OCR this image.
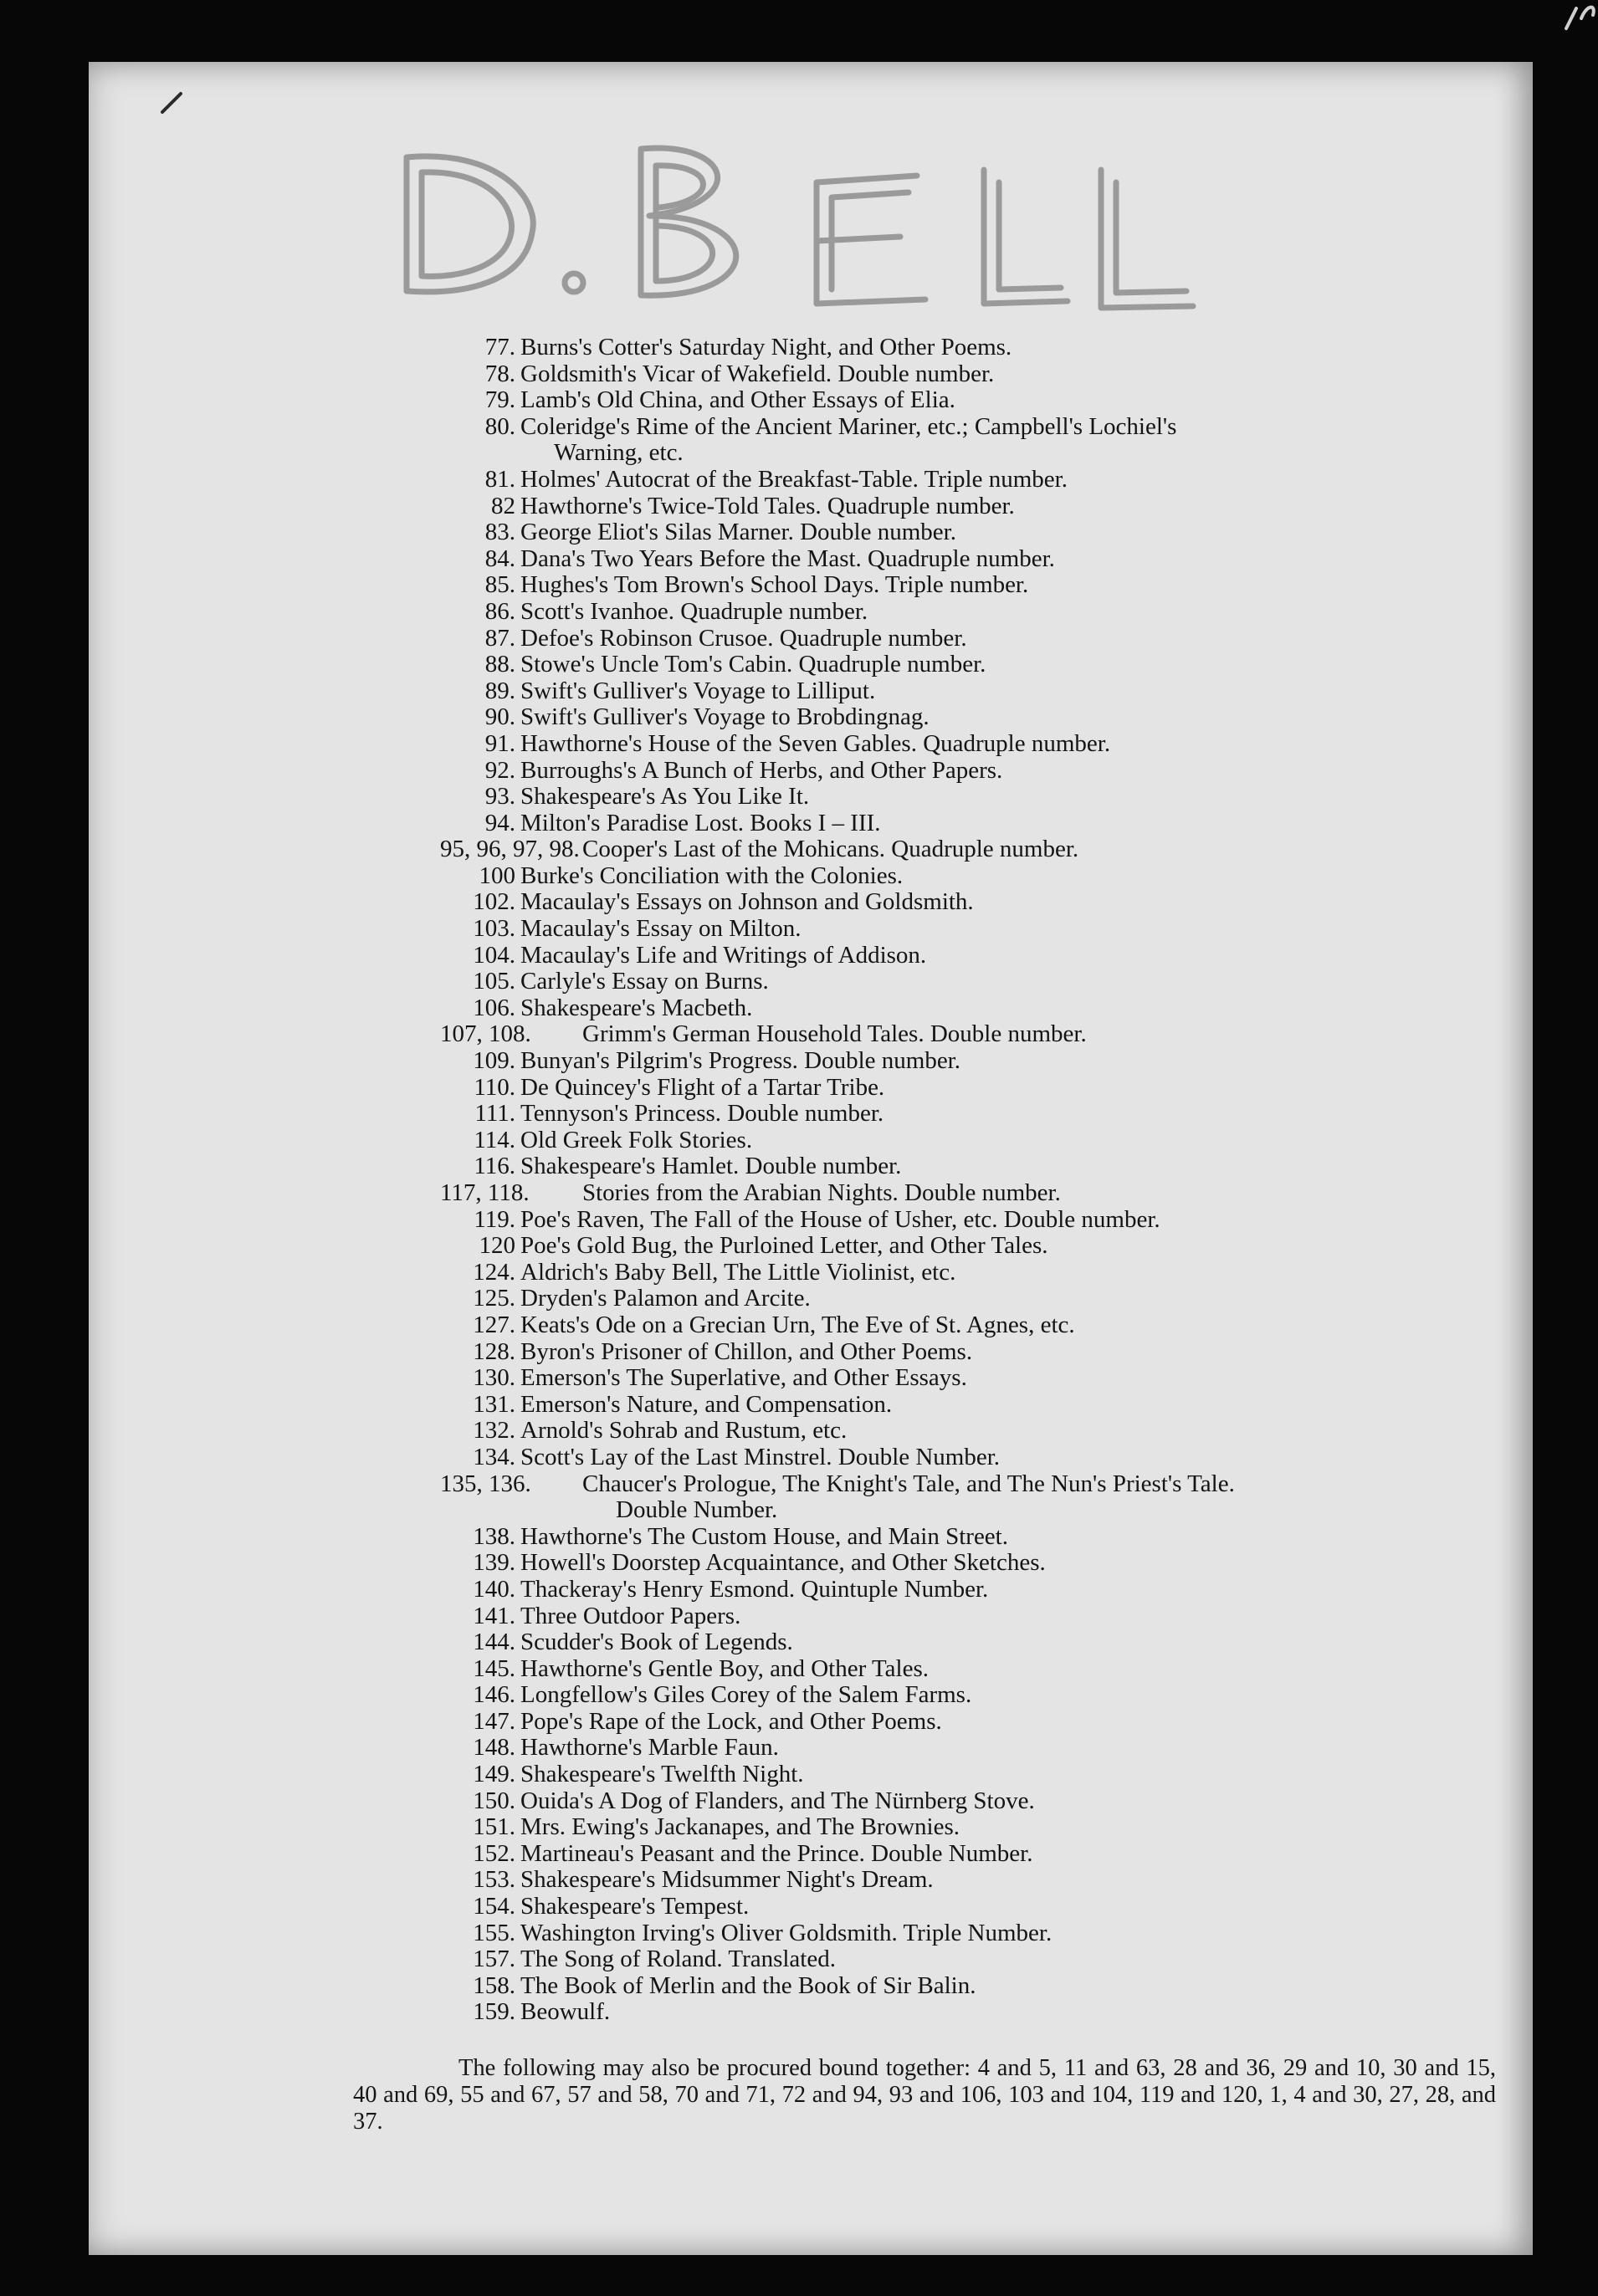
77. Burns's Cotter's Saturday Night, and Other Poems.
78. Goldsmith's Vicar of Wakefield. Double number.
79. Lamb's Old China, and Other Essays of Elia.
80. Coleridge's Rime of the Ancient Mariner, etc.; Campbell's Lochiel's
Warning, etc.
81. Holmes' Autocrat of the Breakfast-Table. Triple number.
82 Hawthorne's Twice-Told Tales. Quadruple number.
83. George Eliot's Silas Marner. Double number.
84. Dana's Two Years Before the Mast. Quadruple number.
85. Hughes's Tom Brown's School Days. Triple number.
86. Scott's Ivanhoe. Quadruple number.
87. Defoe's Robinson Crusoe. Quadruple number.
88. Stowe's Uncle Tom's Cabin. Quadruple number.
89. Swift's Gulliver's Voyage to Lilliput.
90. Swift's Gulliver's Voyage to Brobdingnag.
91. Hawthorne's House of the Seven Gables. Quadruple number.
92. Burroughs's A Bunch of Herbs, and Other Papers.
93. Shakespeare's As You Like It.
94. Milton's Paradise Lost. Books I – III.
95, 96, 97, 98. Cooper's Last of the Mohicans. Quadruple number.
100 Burke's Conciliation with the Colonies.
102. Macaulay's Essays on Johnson and Goldsmith.
103. Macaulay's Essay on Milton.
104. Macaulay's Life and Writings of Addison.
105. Carlyle's Essay on Burns.
106. Shakespeare's Macbeth.
107, 108. Grimm's German Household Tales. Double number.
109. Bunyan's Pilgrim's Progress. Double number.
110. De Quincey's Flight of a Tartar Tribe.
111. Tennyson's Princess. Double number.
114. Old Greek Folk Stories.
116. Shakespeare's Hamlet. Double number.
117, 118. Stories from the Arabian Nights. Double number.
119. Poe's Raven, The Fall of the House of Usher, etc. Double number.
120 Poe's Gold Bug, the Purloined Letter, and Other Tales.
124. Aldrich's Baby Bell, The Little Violinist, etc.
125. Dryden's Palamon and Arcite.
127. Keats's Ode on a Grecian Urn, The Eve of St. Agnes, etc.
128. Byron's Prisoner of Chillon, and Other Poems.
130. Emerson's The Superlative, and Other Essays.
131. Emerson's Nature, and Compensation.
132. Arnold's Sohrab and Rustum, etc.
134. Scott's Lay of the Last Minstrel. Double Number.
135, 136. Chaucer's Prologue, The Knight's Tale, and The Nun's Priest's Tale.
Double Number.
138. Hawthorne's The Custom House, and Main Street.
139. Howell's Doorstep Acquaintance, and Other Sketches.
140. Thackeray's Henry Esmond. Quintuple Number.
141. Three Outdoor Papers.
144. Scudder's Book of Legends.
145. Hawthorne's Gentle Boy, and Other Tales.
146. Longfellow's Giles Corey of the Salem Farms.
147. Pope's Rape of the Lock, and Other Poems.
148. Hawthorne's Marble Faun.
149. Shakespeare's Twelfth Night.
150. Ouida's A Dog of Flanders, and The Nürnberg Stove.
151. Mrs. Ewing's Jackanapes, and The Brownies.
152. Martineau's Peasant and the Prince. Double Number.
153. Shakespeare's Midsummer Night's Dream.
154. Shakespeare's Tempest.
155. Washington Irving's Oliver Goldsmith. Triple Number.
157. The Song of Roland. Translated.
158. The Book of Merlin and the Book of Sir Balin.
159. Beowulf.

The following may also be procured bound together: 4 and 5, 11 and 63, 28 and 36, 29 and 10, 30 and 15, 40 and 69, 55 and 67, 57 and 58, 70 and 71, 72 and 94, 93 and 106, 103 and 104, 119 and 120, 1, 4 and 30, 27, 28, and 37.
